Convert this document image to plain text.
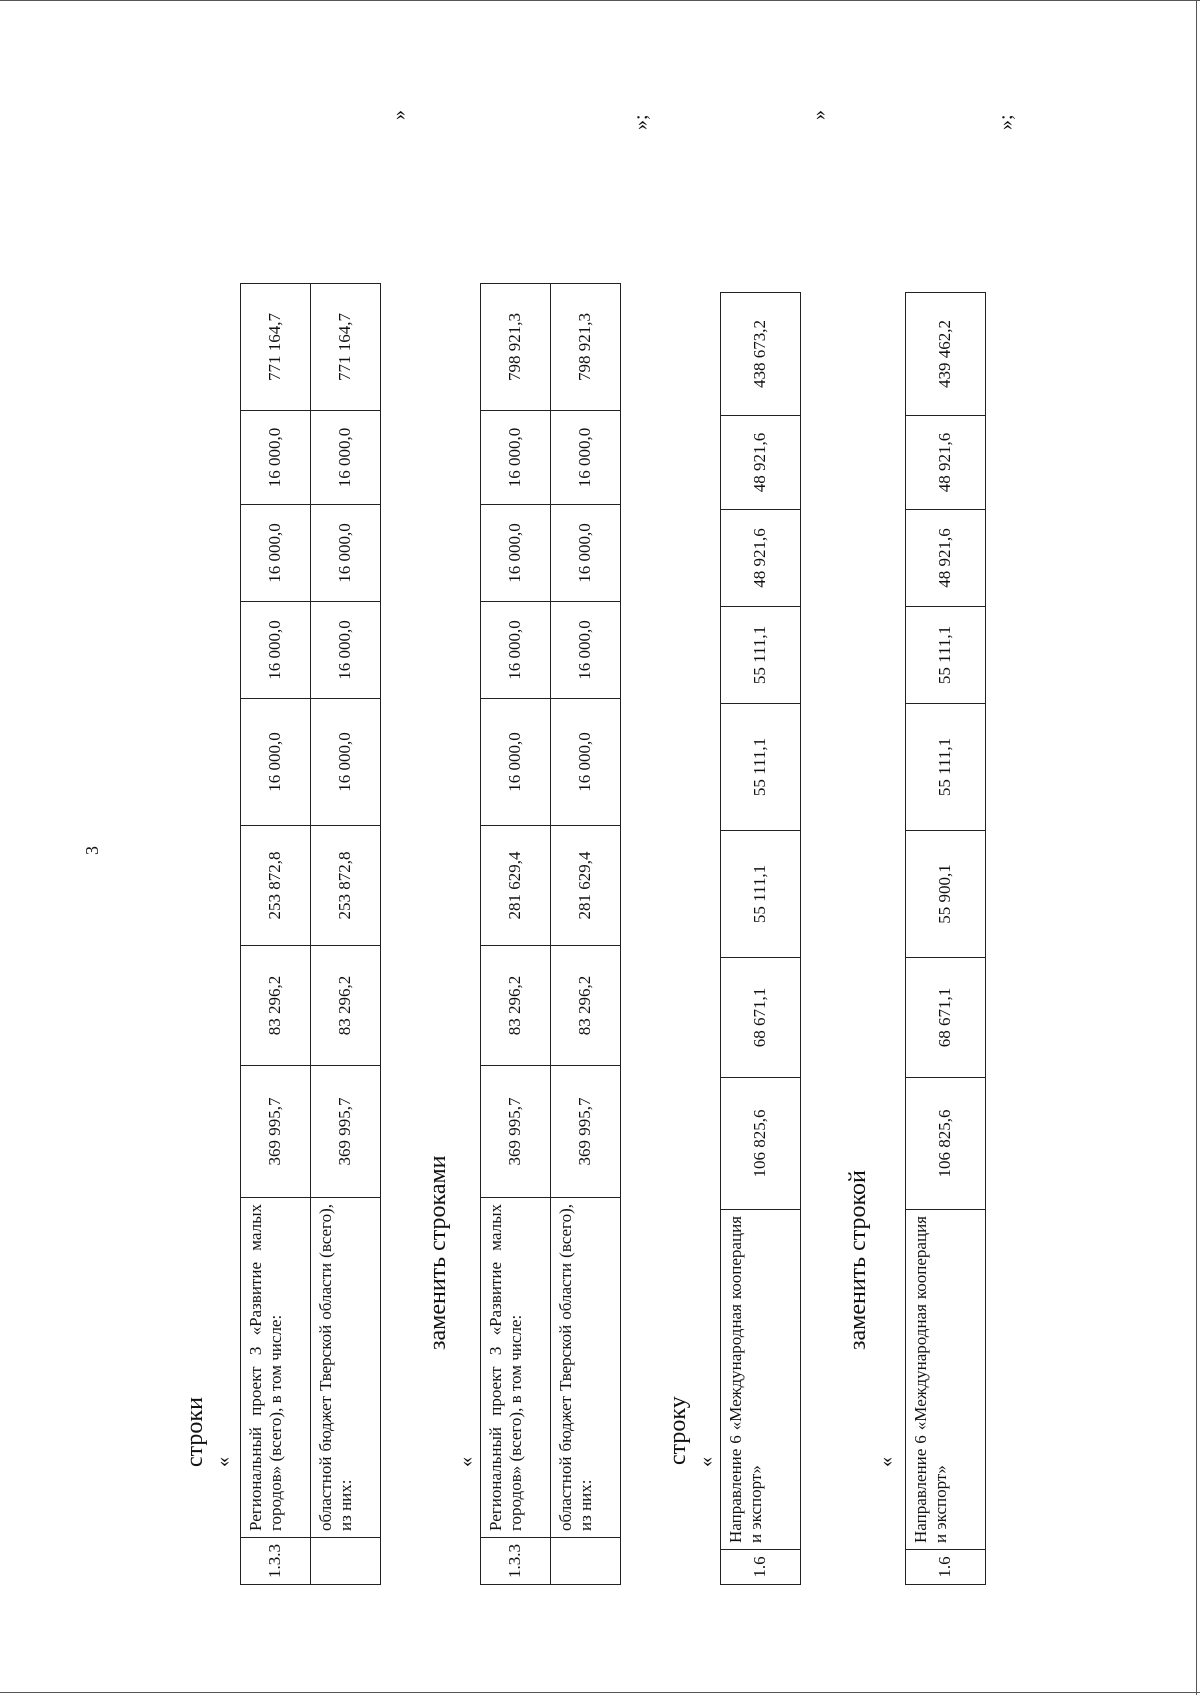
3
строки «
1.3.3	Региональный проект 3 «Развитие малых городов» (всего), в том числе:	369 995,7	83 296,2	253 872,8	16 000,0	16 000,0	16 000,0	16 000,0	771 164,7
	областной бюджет Тверской области (всего), из них:	369 995,7	83 296,2	253 872,8	16 000,0	16 000,0	16 000,0	16 000,0	771 164,7
»
заменить строками
«
1.3.3	Региональный проект 3 «Развитие малых городов» (всего), в том числе:	369 995,7	83 296,2	281 629,4	16 000,0	16 000,0	16 000,0	16 000,0	798 921,3
	областной бюджет Тверской области (всего), из них:	369 995,7	83 296,2	281 629,4	16 000,0	16 000,0	16 000,0	16 000,0	798 921,3
»;
строку «
1.6	Направление 6 «Международная кооперация и экспорт»	106 825,6	68 671,1	55 111,1	55 111,1	55 111,1	48 921,6	48 921,6	438 673,2
»
заменить строкой
«
1.6	Направление 6 «Международная кооперация и экспорт»	106 825,6	68 671,1	55 900,1	55 111,1	55 111,1	48 921,6	48 921,6	439 462,2
»;
